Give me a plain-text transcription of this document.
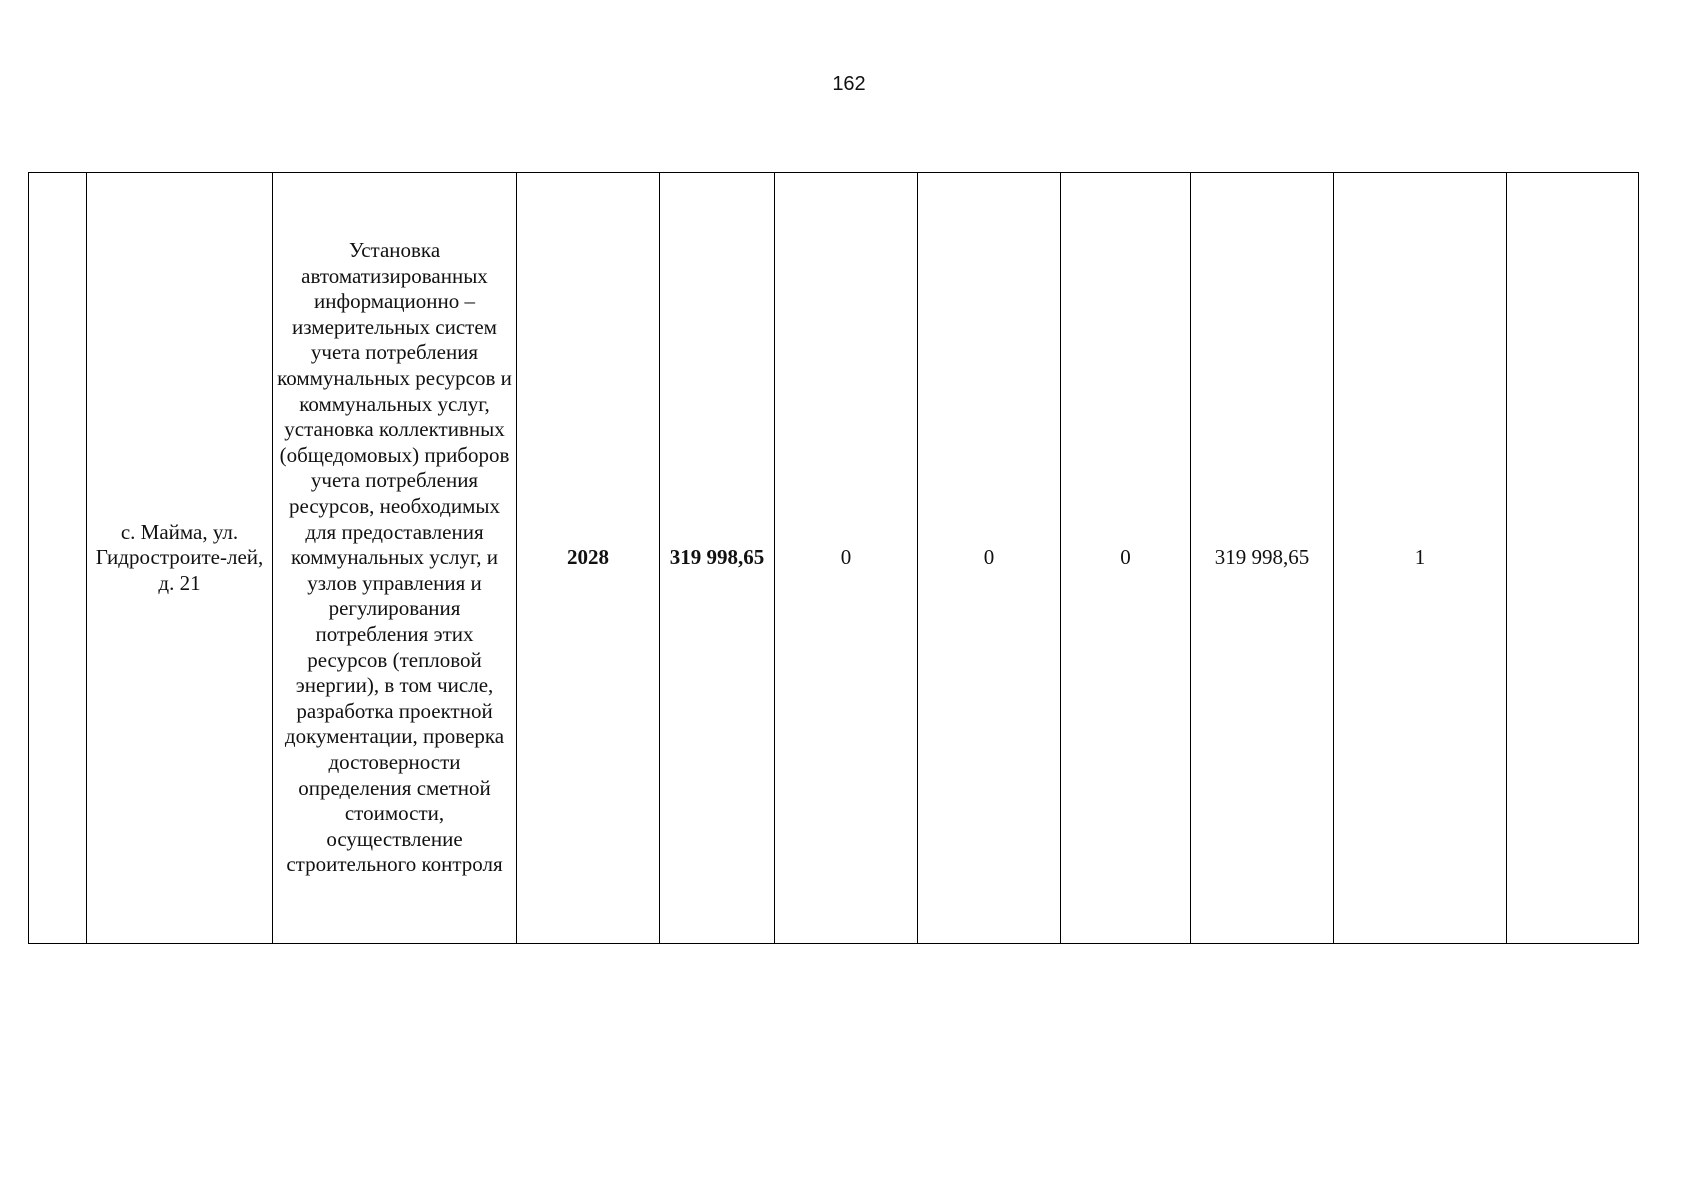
162
	с. Майма, ул. Гидростроите-лей, д. 21	Установка автоматизированных информационно – измерительных систем учета потребления коммунальных ресурсов и коммунальных услуг, установка коллективных (общедомовых) приборов учета потребления ресурсов, необходимых для предоставления коммунальных услуг, и узлов управления и регулирования потребления этих ресурсов (тепловой энергии), в том числе, разработка проектной документации, проверка достоверности определения сметной стоимости, осуществление строительного контроля	2028	319 998,65	0	0	0	319 998,65	1	
